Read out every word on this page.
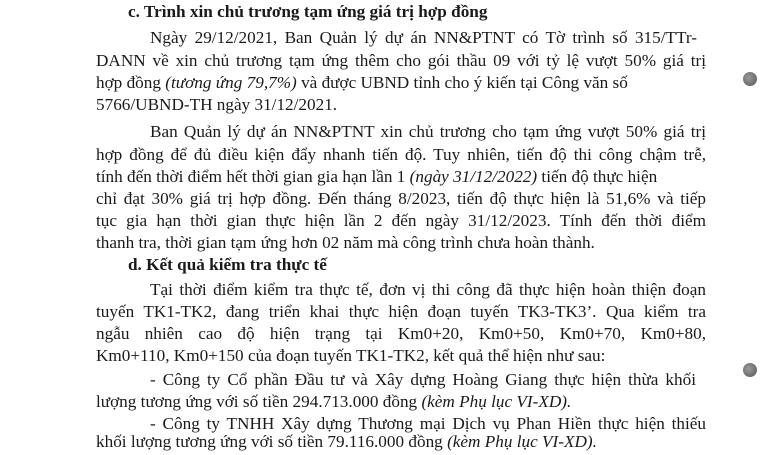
c. Trình xin chủ trương tạm ứng giá trị hợp đồng
Ngày 29/12/2021, Ban Quản lý dự án NN&PTNT có Tờ trình số 315/TTr-
DANN về xin chủ trương tạm ứng thêm cho gói thầu 09 với tỷ lệ vượt 50% giá trị
hợp đồng (tương ứng 79,7%) và được UBND tỉnh cho ý kiến tại Công văn số
5766/UBND-TH ngày 31/12/2021.
Ban Quản lý dự án NN&PTNT xin chủ trương cho tạm ứng vượt 50% giá trị
hợp đồng để đủ điều kiện đẩy nhanh tiến độ. Tuy nhiên, tiến độ thi công chậm trễ,
tính đến thời điểm hết thời gian gia hạn lần 1 (ngày 31/12/2022) tiến độ thực hiện
chỉ đạt 30% giá trị hợp đồng. Đến tháng 8/2023, tiến độ thực hiện là 51,6% và tiếp
tục gia hạn thời gian thực hiện lần 2 đến ngày 31/12/2023. Tính đến thời điểm
thanh tra, thời gian tạm ứng hơn 02 năm mà công trình chưa hoàn thành.
d. Kết quả kiểm tra thực tế
Tại thời điểm kiểm tra thực tế, đơn vị thi công đã thực hiện hoàn thiện đoạn
tuyến TK1-TK2, đang triển khai thực hiện đoạn tuyến TK3-TK3’. Qua kiểm tra
ngẫu nhiên cao độ hiện trạng tại Km0+20, Km0+50, Km0+70, Km0+80,
Km0+110, Km0+150 của đoạn tuyến TK1-TK2, kết quả thể hiện như sau:
- Công ty Cổ phần Đầu tư và Xây dựng Hoàng Giang thực hiện thừa khối
lượng tương ứng với số tiền 294.713.000 đồng (kèm Phụ lục VI-XD).
- Công ty TNHH Xây dựng Thương mại Dịch vụ Phan Hiền thực hiện thiếu
khối lượng tương ứng với số tiền 79.116.000 đồng (kèm Phụ lục VI-XD).
